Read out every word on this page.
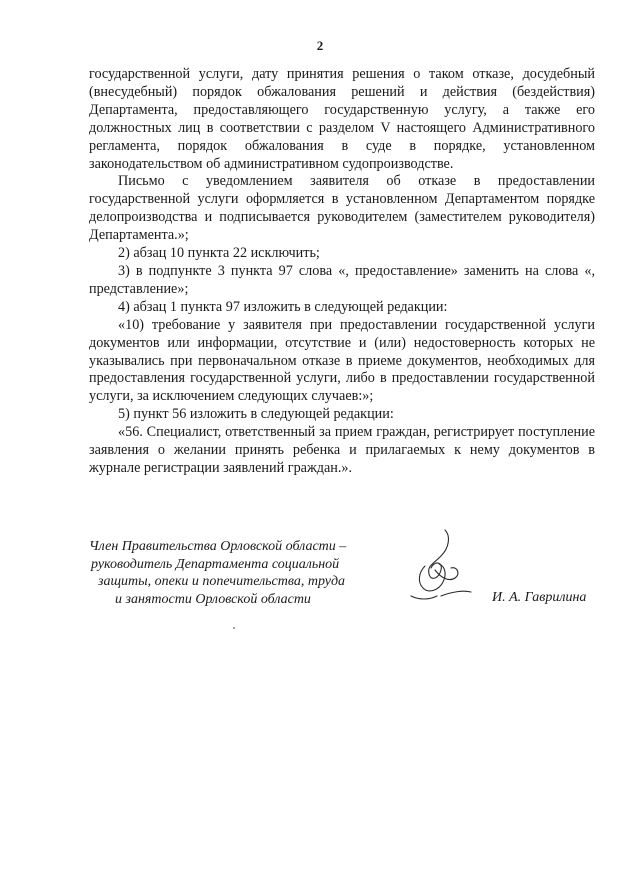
2

государственной услуги, дату принятия решения о таком отказе, досудебный (внесудебный) порядок обжалования решений и действия (бездействия) Департамента, предоставляющего государственную услугу, а также его должностных лиц в соответствии с разделом V настоящего Административного регламента, порядок обжалования в суде в порядке, установленном законодательством об административном судопроизводстве.

Письмо с уведомлением заявителя об отказе в предоставлении государственной услуги оформляется в установленном Департаментом порядке делопроизводства и подписывается руководителем (заместителем руководителя) Департамента.»;

2) абзац 10 пункта 22 исключить;

3) в подпункте 3 пункта 97 слова «, предоставление» заменить на слова «, представление»;

4) абзац 1 пункта 97 изложить в следующей редакции:

«10) требование у заявителя при предоставлении государственной услуги документов или информации, отсутствие и (или) недостоверность которых не указывались при первоначальном отказе в приеме документов, необходимых для предоставления государственной услуги, либо в предоставлении государственной услуги, за исключением следующих случаев:»;

5) пункт 56 изложить в следующей редакции:

«56. Специалист, ответственный за прием граждан, регистрирует поступление заявления о желании принять ребенка и прилагаемых к нему документов в журнале регистрации заявлений граждан.».

Член Правительства Орловской области –
руководитель Департамента социальной
защиты, опеки и попечительства, труда
и занятости Орловской области	И. А. Гаврилина
